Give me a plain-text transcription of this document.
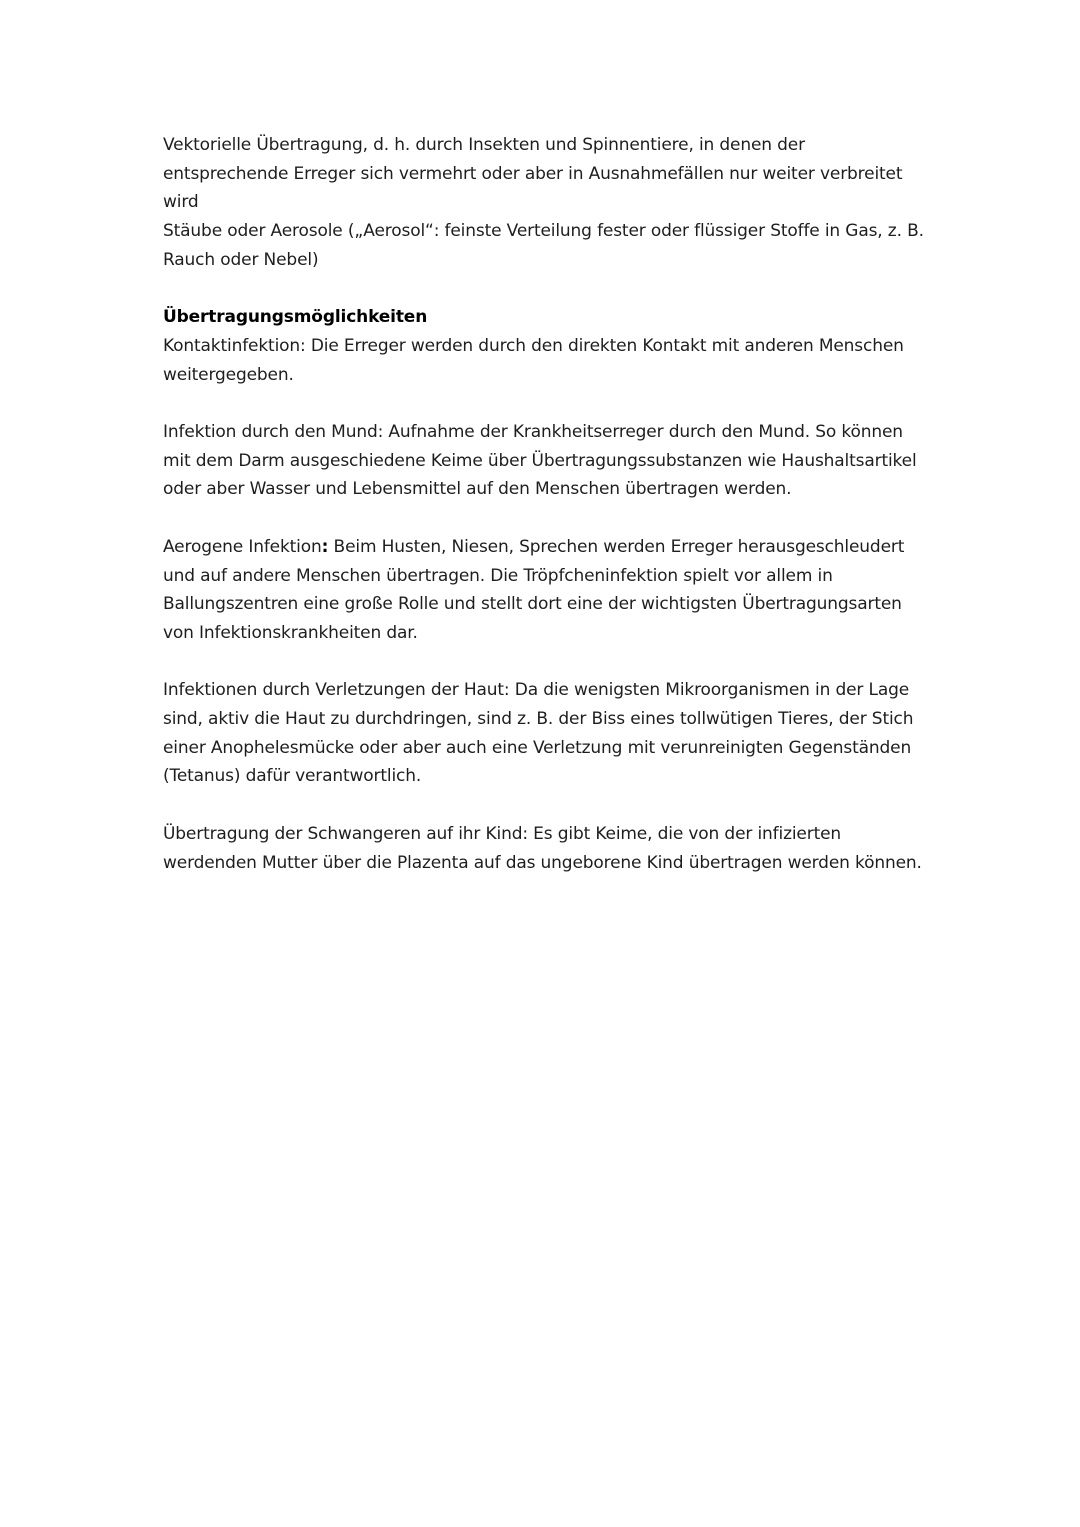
Vektorielle Übertragung, d. h. durch Insekten und Spinnentiere, in denen der entsprechende Erreger sich vermehrt oder aber in Ausnahmefällen nur weiter verbreitet wird

Stäube oder Aerosole („Aerosol“: feinste Verteilung fester oder flüssiger Stoffe in Gas, z. B. Rauch oder Nebel)

Übertragungsmöglichkeiten

Kontaktinfektion: Die Erreger werden durch den direkten Kontakt mit anderen Menschen weitergegeben.

Infektion durch den Mund: Aufnahme der Krankheitserreger durch den Mund. So können mit dem Darm ausgeschiedene Keime über Übertragungssubstanzen wie Haushaltsartikel oder aber Wasser und Lebensmittel auf den Menschen übertragen werden.

Aerogene Infektion: Beim Husten, Niesen, Sprechen werden Erreger herausgeschleudert und auf andere Menschen übertragen. Die Tröpfcheninfektion spielt vor allem in Ballungszentren eine große Rolle und stellt dort eine der wichtigsten Übertragungsarten von Infektionskrankheiten dar.

Infektionen durch Verletzungen der Haut: Da die wenigsten Mikroorganismen in der Lage sind, aktiv die Haut zu durchdringen, sind z. B. der Biss eines tollwütigen Tieres, der Stich einer Anophelesmücke oder aber auch eine Verletzung mit verunreinigten Gegenständen (Tetanus) dafür verantwortlich.

Übertragung der Schwangeren auf ihr Kind: Es gibt Keime, die von der infizierten werdenden Mutter über die Plazenta auf das ungeborene Kind übertragen werden können.
